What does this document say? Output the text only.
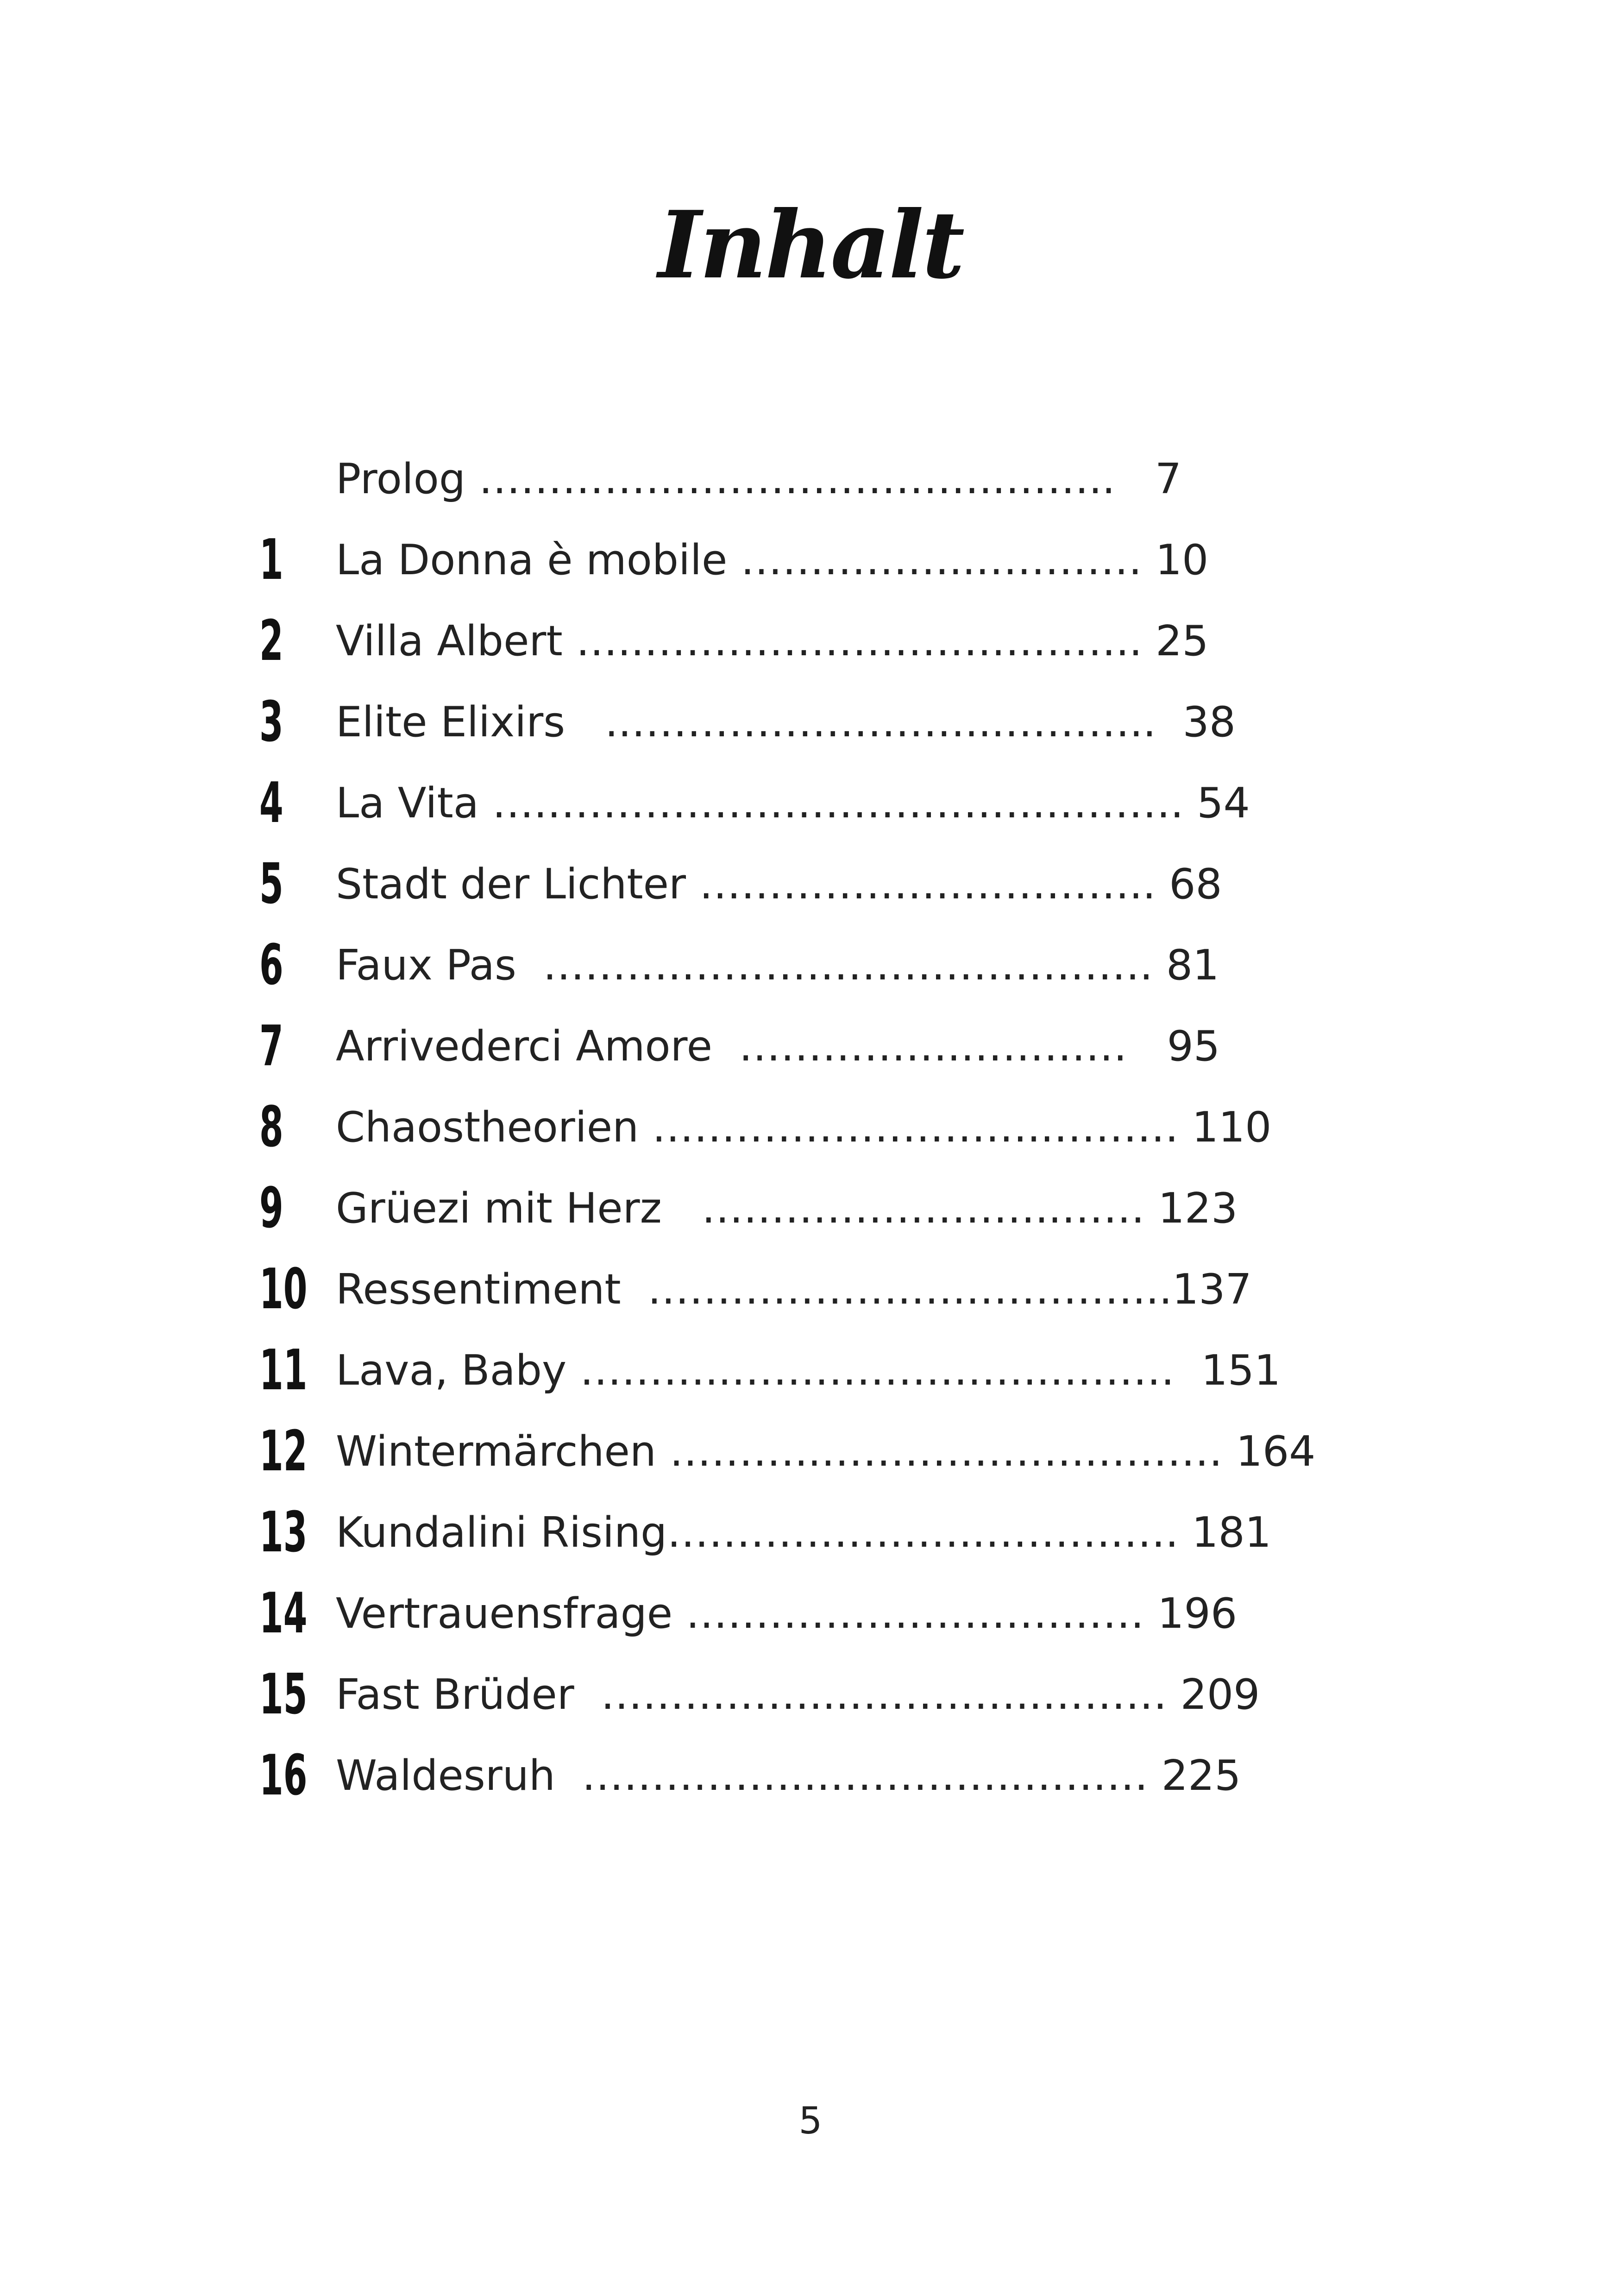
Inhalt
Prolog ………………………………..……..   7
1	La Donna è mobile ……………..………… 10
2	Villa Albert …..……………………….…….. 25
3	Elite Elixirs   ..……………………...………..  38
4	La Vita ….……………………….……..………. 54
5	Stadt der Lichter ……………….………….. 68
6	Faux Pas  ……….……………………………. 81
7	Arrivederci Amore  …………….…………   95
8	Chaostheorien ………………………..……… 110
9	Grüezi mit Herz   ……………………..…… 123
10 Ressentiment  ……………….….…………...137
11 Lava, Baby ………..…………………..………  151
12 Wintermärchen ………..………………..……… 164
13 Kundalini Rising…………………..……….…. 181
14 Vertrauensfrage …………………………… 196
15 Fast Brüder  ……………...…………..……… 209
16 Waldesruh  ……………...…………..……… 225
5
